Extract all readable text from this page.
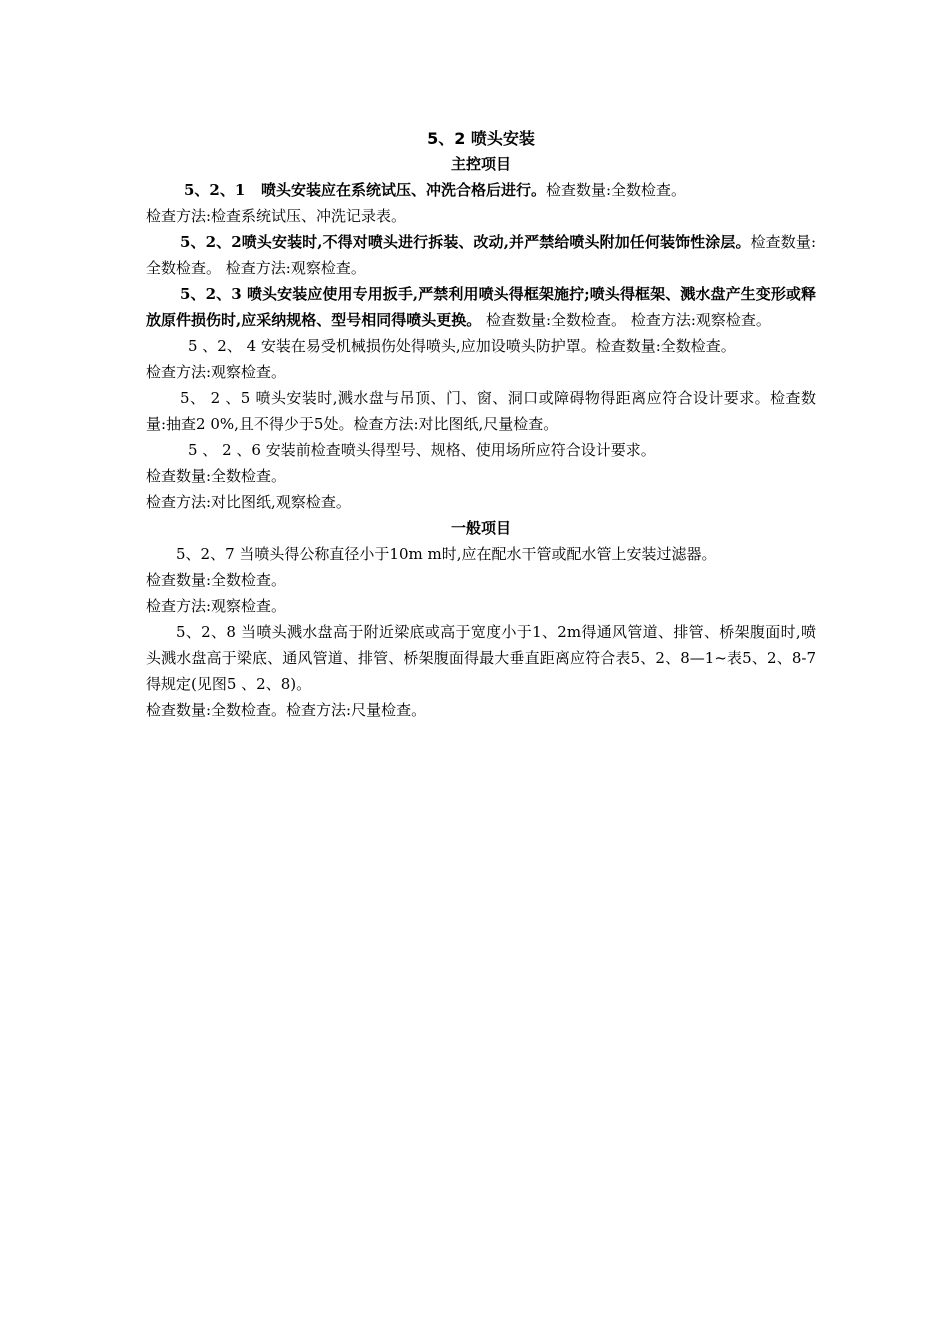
5、2 喷头安装
主控项目

5、2、1 喷头安装应在系统试压、冲洗合格后进行。检查数量:全数检查。

检查方法:检查系统试压、冲洗记录表。

5、2、2喷头安装时,不得对喷头进行拆装、改动,并严禁给喷头附加任何装饰性涂层。检查数量:全数检查。 检查方法:观察检查。

5、2、3 喷头安装应使用专用扳手,严禁利用喷头得框架施拧;喷头得框架、溅水盘产生变形或释放原件损伤时,应采纳规格、型号相同得喷头更换。 检查数量:全数检查。 检查方法:观察检查。

5 、2、 4 安装在易受机械损伤处得喷头,应加设喷头防护罩。检查数量:全数检查。

检查方法:观察检查。

5、 2 、5 喷头安装时,溅水盘与吊顶、门、窗、洞口或障碍物得距离应符合设计要求。检查数量:抽查2 0%,且不得少于5处。检查方法:对比图纸,尺量检查。

5 、 2 、6 安装前检查喷头得型号、规格、使用场所应符合设计要求。

检查数量:全数检查。

检查方法:对比图纸,观察检查。

一般项目

5、2、7 当喷头得公称直径小于10m m时,应在配水干管或配水管上安装过滤器。

检查数量:全数检查。

检查方法:观察检查。

5、2、8 当喷头溅水盘高于附近梁底或高于宽度小于1、2m得通风管道、排管、桥架腹面时,喷头溅水盘高于梁底、通风管道、排管、桥架腹面得最大垂直距离应符合表5、2、8—1~表5、2、8-7得规定(见图5 、2、8)。

检查数量:全数检查。检查方法:尺量检查。
